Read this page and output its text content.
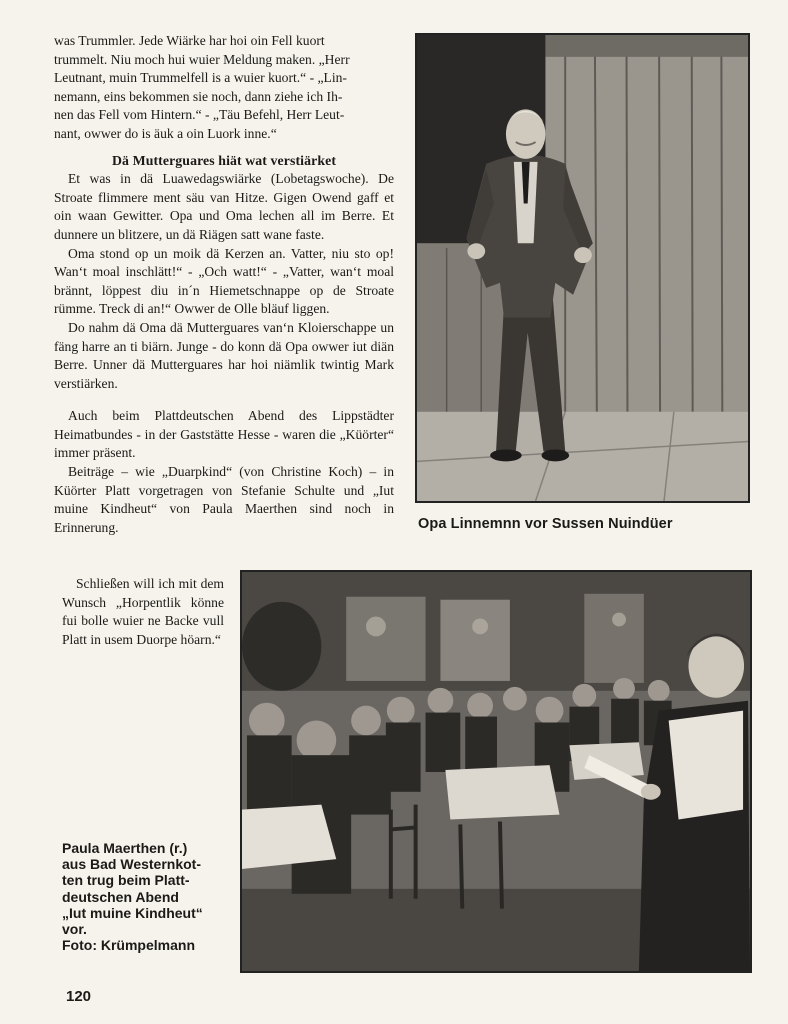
was Trummler. Jede Wiärke har hoi oin Fell kuort

trummelt. Niu moch hui wuier Meldung maken. „Herr

Leutnant, muin Trummelfell is a wuier kuort.“ - „Lin-

nemann, eins bekommen sie noch, dann ziehe ich Ih-

nen das Fell vom Hintern.“ - „Täu Befehl, Herr Leut-

nant, owwer do is äuk a oin Luork inne.“

Dä Mutterguares hiät wat verstiärket

Et was in dä Luawedagswiärke (Lobetagswoche). De Stroate flimmere ment säu van Hitze. Gigen Owend gaff et oin waan Gewitter. Opa und Oma lechen all im Berre. Et dunnere un blitzere, un dä Riägen satt wane faste.

Oma stond op un moik dä Kerzen an. Vatter, niu sto op! Wan‘t moal inschlätt!“ - „Och watt!“ - „Vatter, wan‘t moal brännt, löppest diu in´n Hiemetschnappe op de Stroate rümme. Treck di an!“ Owwer de Olle bläuf liggen.

Do nahm dä Oma dä Mutterguares van‘n Kloierschappe un fäng harre an ti biärn. Junge - do konn dä Opa owwer iut diän Berre. Unner dä Mutterguares har hoi niämlik twintig Mark verstiärken.

Auch beim Plattdeutschen Abend des Lippstädter Heimatbundes - in der Gaststätte Hesse - waren die „Küörter“ immer präsent.

Beiträge – wie „Duarpkind“ (von Christine Koch) – in Küörter Platt vorgetragen von Stefanie Schulte und „Iut muine Kindheut“ von Paula Maerthen sind noch in Erinnerung.	Opa Linnemnn vor Sussen Nuindüer

Schließen will ich mit dem Wunsch „Horpentlik könne fui bolle wuier ne Backe vull Platt in usem Duorpe höarn.“

Paula Maerthen (r.)
aus Bad Westernkot-
ten trug beim Platt-
deutschen Abend
„Iut muine Kindheut“
vor.
Foto: Krümpelmann
120
